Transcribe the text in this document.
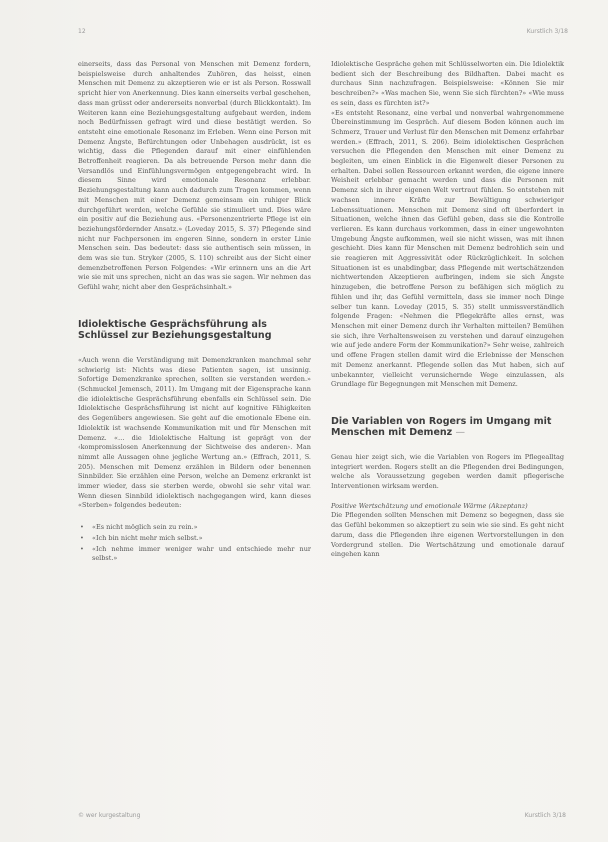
12	Kurstlich 3/18

einerseits, dass das Personal von Menschen mit Demenz fordern, beispielsweise durch anhaltendes Zuhören, das heisst, einen Menschen mit Demenz zu akzeptieren wie er ist als Person. Rosswall spricht hier von Anerkennung. Dies kann einerseits verbal geschehen, dass man grüsst oder andererseits nonverbal (durch Blickkontakt). Im Weiteren kann eine Beziehungsgestaltung aufgebaut werden, indem noch Bedürfnissen gefragt wird und diese bestätigt werden. So entsteht eine emotionale Resonanz im Erleben. Wenn eine Person mit Demenz Ängste, Befürchtungen oder Unbehagen ausdrückt, ist es wichtig, dass die Pflegenden darauf mit einer einfühlenden Betroffenheit reagieren. Da als betreuende Person mehr dann die Versandlös und Einfühlungsvermögen entgegengebracht wird. In diesem Sinne wird emotionale Resonanz erlebbar. Beziehungsgestaltung kann auch dadurch zum Tragen kommen, wenn mit Menschen mit einer Demenz gemeinsam ein ruhiger Blick durchgeführt werden, welche Gefühle sie stimuliert und. Dies wäre ein positiv auf die Beziehung aus. «Personenzentrierte Pflege ist ein beziehungsfördernder Ansatz.» (Loveday 2015, S. 37) Pflegende sind nicht nur Fachpersonen im engeren Sinne, sondern in erster Linie Menschen sein. Das bedeutet: dass sie authentisch sein müssen, in dem was sie tun. Stryker (2005, S. 110) schreibt aus der Sicht einer demenzbetroffenen Person Folgendes: «Wir erinnern uns an die Art wie sie mit uns sprechen, nicht an das was sie sagen. Wir nehmen das Gefühl wahr, nicht aber den Gesprächsinhalt.»

Idiolektische Gesprächsführung als Schlüssel zur Beziehungsgestaltung

«Auch wenn die Verständigung mit Demenzkranken manchmal sehr schwierig ist: Nichts was diese Patienten sagen, ist unsinnig. Sofortige Demenzkranke sprechen, sollten sie verstanden werden.» (Schmuckel Jemensch, 2011). Im Umgang mit der Eigensprache kann die idiolektische Gesprächsführung ebenfalls ein Schlüssel sein. Die Idiolektische Gesprächsführung ist nicht auf kognitive Fähigkeiten des Gegenübers angewiesen. Sie geht auf die emotionale Ebene ein. Idiolektik ist wachsende Kommunikation mit und für Menschen mit Demenz. «… die Idiolektische Haltung ist geprägt von der ‹kompromisslosen Anerkennung der Sichtweise des anderen›. Man nimmt alle Aussagen ohne jegliche Wertung an.» (Effrach, 2011, S. 205). Menschen mit Demenz erzählen in Bildern oder benennen Sinnbilder. Sie erzählen eine Person, welche an Demenz erkrankt ist immer wieder, dass sie sterben werde, obwohl sie sehr vital war. Wenn diesen Sinnbild idiolektisch nachgegangen wird, kann dieses «Sterben» folgendes bedeuten:

• «Es nicht möglich sein zu rein.»
• «Ich bin nicht mehr mich selbst.»
• «Ich nehme immer weniger wahr und entschiede mehr nur selbst.»

Idiolektische Gespräche gehen mit Schlüsselworten ein. Die Idiolektik bedient sich der Beschreibung des Bildhaften. Dabei macht es durchaus Sinn nachzufragen. Beispielsweise: «Können Sie mir beschreiben?» «Was machen Sie, wenn Sie sich fürchten?» «Wie muss es sein, dass es fürchten ist?»

«Es entsteht Resonanz, eine verbal und nonverbal wahrgenommene Übereinstimmung im Gespräch. Auf diesem Boden können auch im Schmerz, Trauer und Verlust für den Menschen mit Demenz erfahrbar werden.» (Effrach, 2011, S. 206). Beim idiolektischen Gesprächen versuchen die Pflegenden den Menschen mit einer Demenz zu begleiten, um einen Einblick in die Eigenwelt dieser Personen zu erhalten. Dabei sollen Ressourcen erkannt werden, die eigene innere Weisheit erlebbar gemacht werden und dass die Personen mit Demenz sich in ihrer eigenen Welt vertraut fühlen. So entstehen mit wachsen innere Kräfte zur Bewältigung schwieriger Lebenssituationen. Menschen mit Demenz sind oft überfordert in Situationen, welche ihnen das Gefühl geben, dass sie die Kontrolle verlieren. Es kann durchaus vorkommen, dass in einer ungewohnten Umgebung Ängste aufkommen, weil sie nicht wissen, was mit ihnen geschieht. Dies kann für Menschen mit Demenz bedrohlich sein und sie reagieren mit Aggressivität oder Rückzüglichkeit. In solchen Situationen ist es unabdingbar, dass Pflegende mit wertschätzenden nichtwertenden Akzeptieren aufbringen, indem sie sich Ängste hinzugeben, die betroffene Person zu befähigen sich möglich zu fühlen und ihr, das Gefühl vermitteln, dass sie immer noch Dinge selber tun kann. Loveday (2015, S. 35) stellt unmissverständlich folgende Fragen: «Nehmen die Pflegekräfte alles ernst, was Menschen mit einer Demenz durch ihr Verhalten mitteilen? Bemühen sie sich, ihre Verhaltensweisen zu verstehen und darauf einzugehen wie auf jede andere Form der Kommunikation?» Sehr weise, zahlreich und offene Fragen stellen damit wird die Erlebnisse der Menschen mit Demenz anerkannt. Pflegende sollen das Mut haben, sich auf unbekannter, vielleicht verunsichernde Wege einzulassen, als Grundlage für Begegnungen mit Menschen mit Demenz.

Die Variablen von Rogers im Umgang mit Menschen mit Demenz —

Genau hier zeigt sich, wie die Variablen von Rogers im Pflegealltag integriert werden. Rogers stellt an die Pflegenden drei Bedingungen, welche als Voraussetzung gegeben werden damit pflegerische Interventionen wirksam werden.

Positive Wertschätzung und emotionale Wärme (Akzeptanz)

Die Pflegenden sollten Menschen mit Demenz so begegnen, dass sie das Gefühl bekommen so akzeptiert zu sein wie sie sind. Es geht nicht darum, dass die Pflegenden ihre eigenen Wertvorstellungen in den Vordergrund stellen. Die Wertschätzung und emotionale darauf eingehen kann

© wer kurgestaltung	Kurstlich 3/18
